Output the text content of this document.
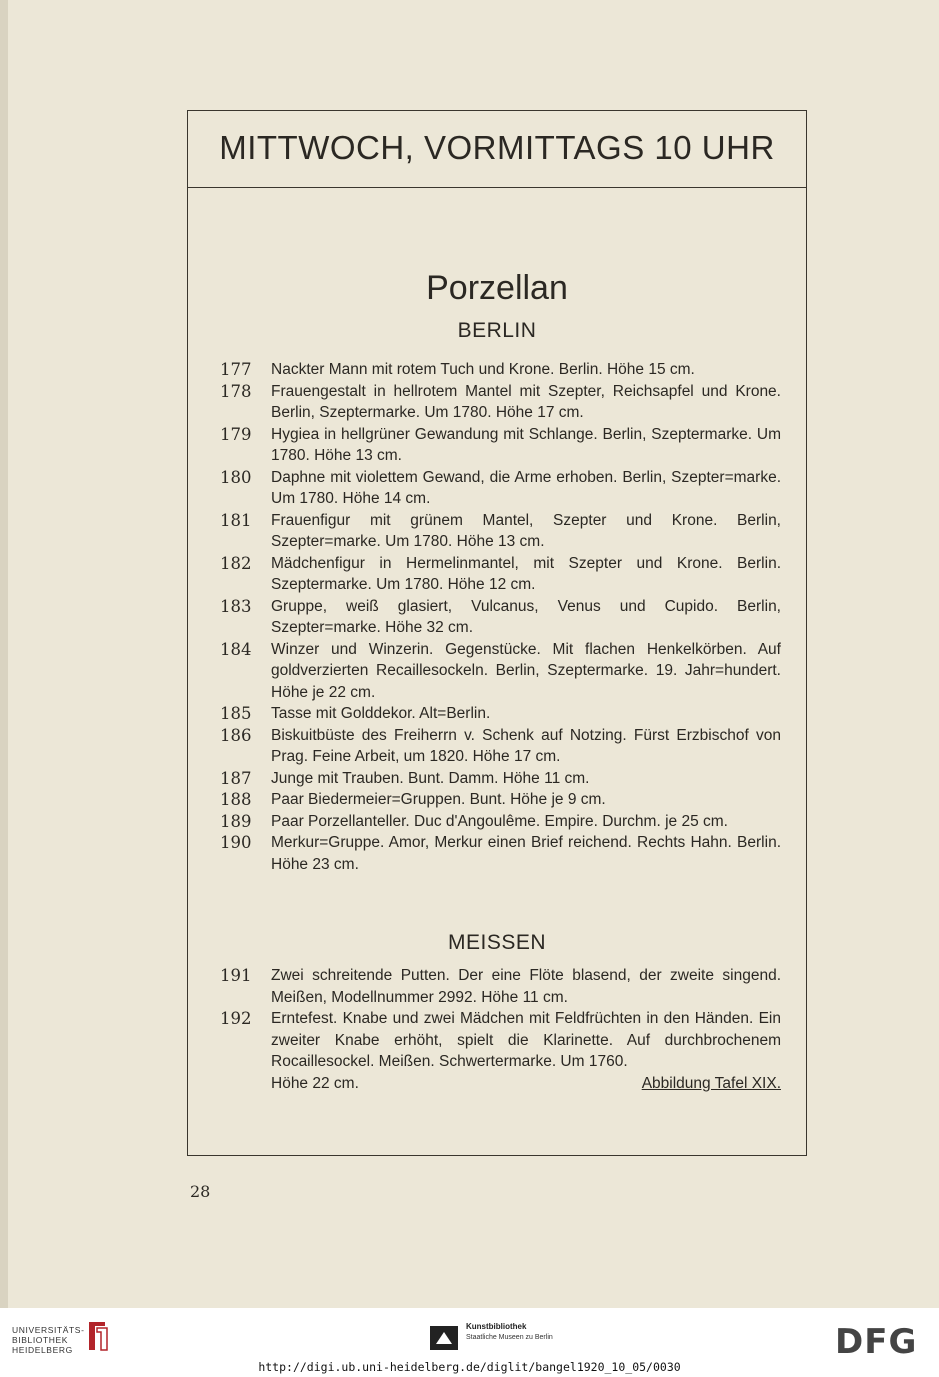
MITTWOCH, VORMITTAGS 10 UHR
Porzellan
BERLIN
177	Nackter Mann mit rotem Tuch und Krone. Berlin. Höhe 15 cm.
178	Frauengestalt in hellrotem Mantel mit Szepter, Reichsapfel und Krone. Berlin, Szeptermarke. Um 1780. Höhe 17 cm.
179	Hygiea in hellgrüner Gewandung mit Schlange. Berlin, Szeptermarke. Um 1780. Höhe 13 cm.
180	Daphne mit violettem Gewand, die Arme erhoben. Berlin, Szepter=marke. Um 1780. Höhe 14 cm.
181	Frauenfigur mit grünem Mantel, Szepter und Krone. Berlin, Szepter=marke. Um 1780. Höhe 13 cm.
182	Mädchenfigur in Hermelinmantel, mit Szepter und Krone. Berlin. Szeptermarke. Um 1780. Höhe 12 cm.
183	Gruppe, weiß glasiert, Vulcanus, Venus und Cupido. Berlin, Szepter=marke. Höhe 32 cm.
184	Winzer und Winzerin. Gegenstücke. Mit flachen Henkelkörben. Auf goldverzierten Recaillesockeln. Berlin, Szeptermarke. 19. Jahr=hundert. Höhe je 22 cm.
185	Tasse mit Golddekor. Alt=Berlin.
186	Biskuitbüste des Freiherrn v. Schenk auf Notzing. Fürst Erzbischof von Prag. Feine Arbeit, um 1820. Höhe 17 cm.
187	Junge mit Trauben. Bunt. Damm. Höhe 11 cm.
188	Paar Biedermeier=Gruppen. Bunt. Höhe je 9 cm.
189	Paar Porzellanteller. Duc d'Angoulême. Empire. Durchm. je 25 cm.
190	Merkur=Gruppe. Amor, Merkur einen Brief reichend. Rechts Hahn. Berlin. Höhe 23 cm.
MEISSEN
191	Zwei schreitende Putten. Der eine Flöte blasend, der zweite singend. Meißen, Modellnummer 2992. Höhe 11 cm.
192	Erntefest. Knabe und zwei Mädchen mit Feldfrüchten in den Händen. Ein zweiter Knabe erhöht, spielt die Klarinette. Auf durchbrochenem Rocaillesockel. Meißen. Schwertermarke. Um 1760.
Höhe 22 cm.	Abbildung Tafel XIX.
28
UNIVERSITÄTS-
BIBLIOTHEK
HEIDELBERG
Kunstbibliothek
Staatliche Museen zu Berlin	DFG
http://digi.ub.uni-heidelberg.de/diglit/bangel1920_10_05/0030
